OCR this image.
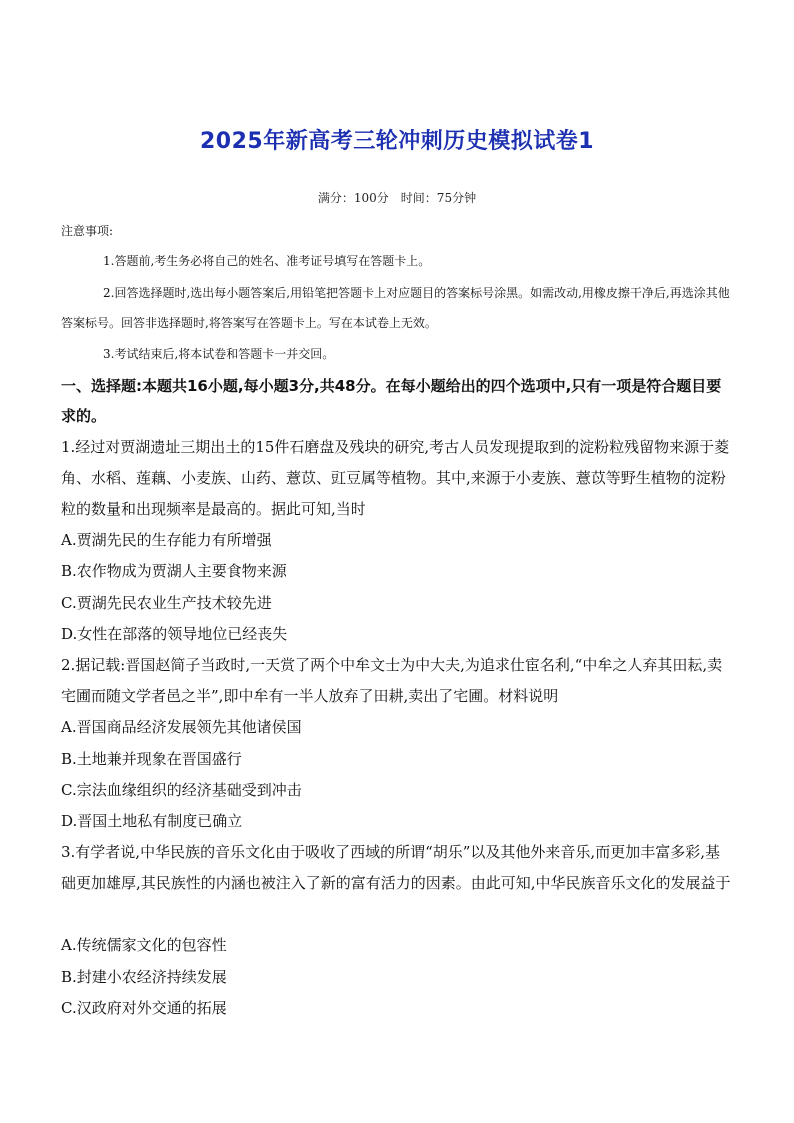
2025年新高考三轮冲刺历史模拟试卷1
满分：100分　时间：75分钟
注意事项:
1.答题前,考生务必将自己的姓名、准考证号填写在答题卡上。
2.回答选择题时,选出每小题答案后,用铅笔把答题卡上对应题目的答案标号涂黑。如需改动,用橡皮擦干净后,再选涂其他答案标号。回答非选择题时,将答案写在答题卡上。写在本试卷上无效。
3.考试结束后,将本试卷和答题卡一并交回。
一、选择题:本题共16小题,每小题3分,共48分。在每小题给出的四个选项中,只有一项是符合题目要求的。
1.经过对贾湖遗址三期出土的15件石磨盘及残块的研究,考古人员发现提取到的淀粉粒残留物来源于菱角、水稻、莲藕、小麦族、山药、薏苡、豇豆属等植物。其中,来源于小麦族、薏苡等野生植物的淀粉粒的数量和出现频率是最高的。据此可知,当时
A.贾湖先民的生存能力有所增强
B.农作物成为贾湖人主要食物来源
C.贾湖先民农业生产技术较先进
D.女性在部落的领导地位已经丧失
2.据记载:晋国赵简子当政时,一天赏了两个中牟文士为中大夫,为追求仕宦名利,“中牟之人弃其田耘,卖宅圃而随文学者邑之半”,即中牟有一半人放弃了田耕,卖出了宅圃。材料说明
A.晋国商品经济发展领先其他诸侯国
B.土地兼并现象在晋国盛行
C.宗法血缘组织的经济基础受到冲击
D.晋国土地私有制度已确立
3.有学者说,中华民族的音乐文化由于吸收了西域的所谓“胡乐”以及其他外来音乐,而更加丰富多彩,基础更加雄厚,其民族性的内涵也被注入了新的富有活力的因素。由此可知,中华民族音乐文化的发展益于
A.传统儒家文化的包容性
B.封建小农经济持续发展
C.汉政府对外交通的拓展
